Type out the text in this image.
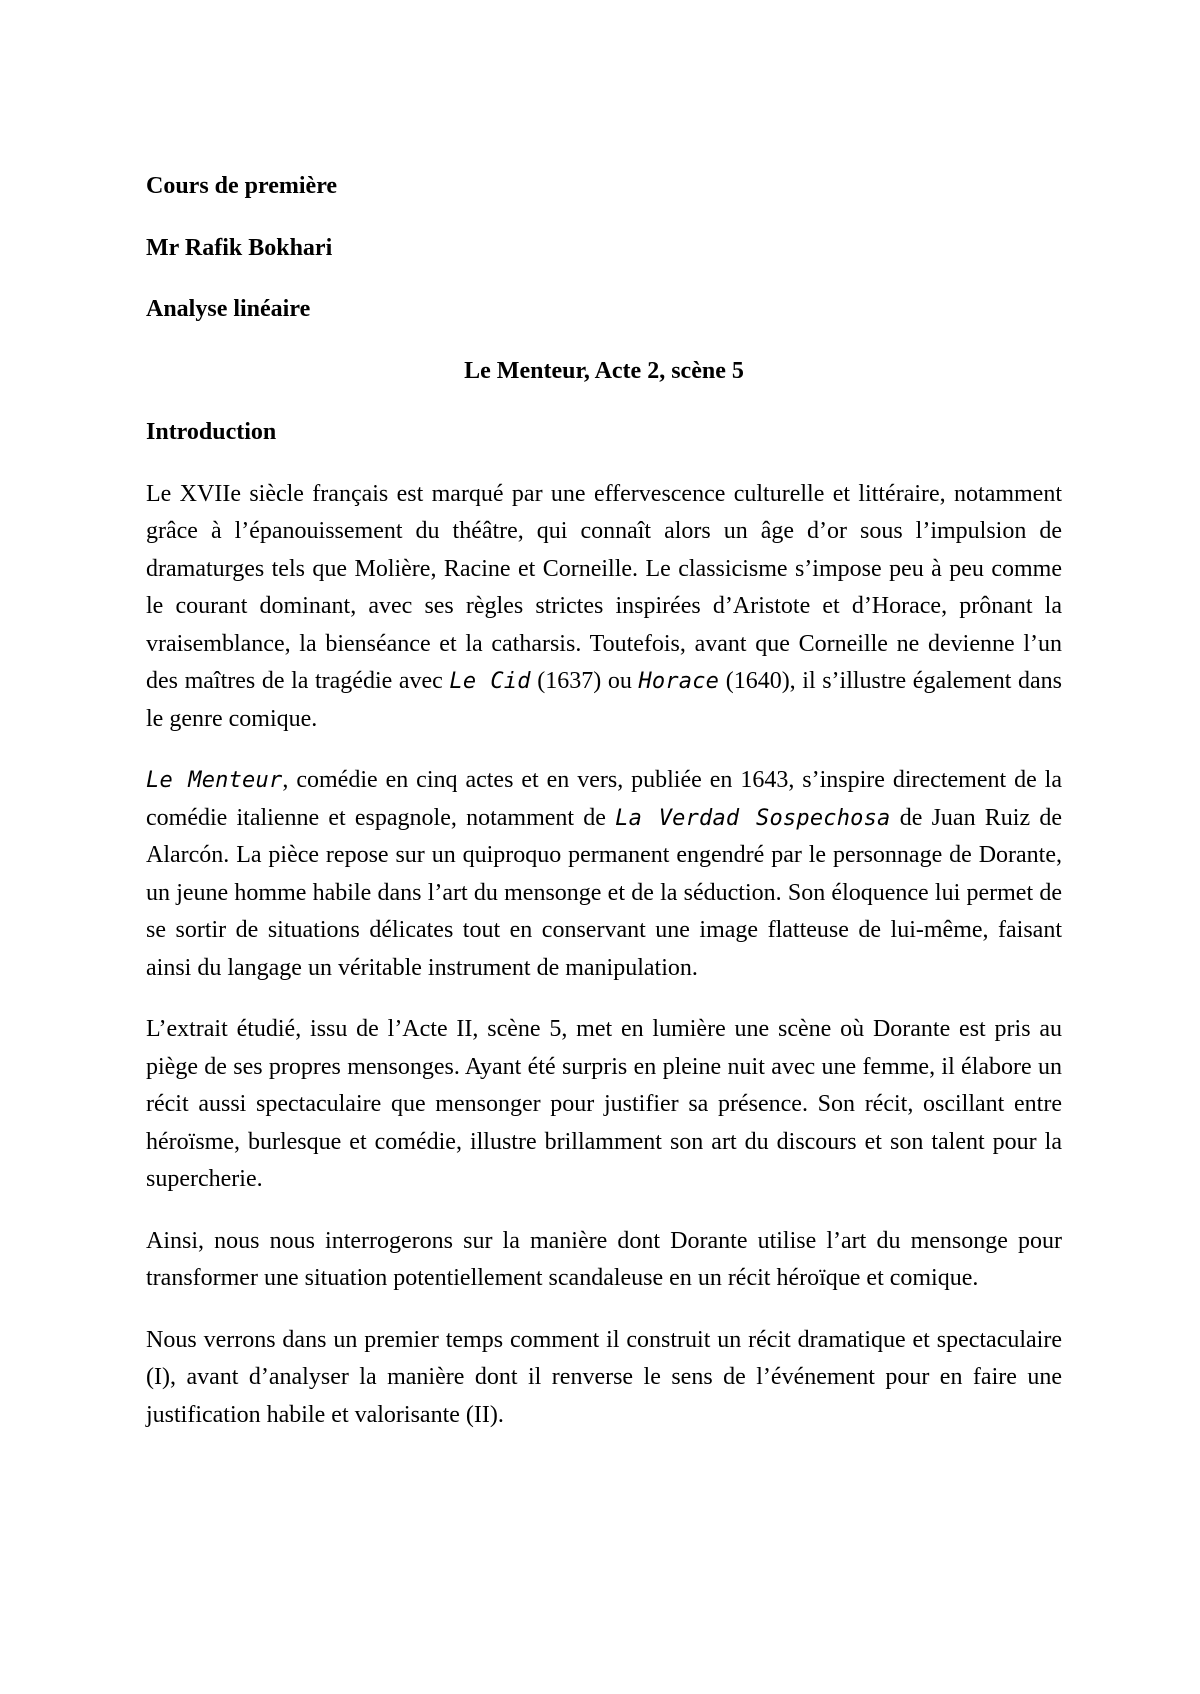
Cours de première
Mr Rafik Bokhari
Analyse linéaire
Le Menteur, Acte 2, scène 5
Introduction

Le XVIIe siècle français est marqué par une effervescence culturelle et littéraire, notamment grâce à l’épanouissement du théâtre, qui connaît alors un âge d’or sous l’impulsion de dramaturges tels que Molière, Racine et Corneille. Le classicisme s’impose peu à peu comme le courant dominant, avec ses règles strictes inspirées d’Aristote et d’Horace, prônant la vraisemblance, la bienséance et la catharsis. Toutefois, avant que Corneille ne devienne l’un des maîtres de la tragédie avec Le Cid (1637) ou Horace (1640), il s’illustre également dans le genre comique.

Le Menteur, comédie en cinq actes et en vers, publiée en 1643, s’inspire directement de la comédie italienne et espagnole, notamment de La Verdad Sospechosa de Juan Ruiz de Alarcón. La pièce repose sur un quiproquo permanent engendré par le personnage de Dorante, un jeune homme habile dans l’art du mensonge et de la séduction. Son éloquence lui permet de se sortir de situations délicates tout en conservant une image flatteuse de lui-même, faisant ainsi du langage un véritable instrument de manipulation.

L’extrait étudié, issu de l’Acte II, scène 5, met en lumière une scène où Dorante est pris au piège de ses propres mensonges. Ayant été surpris en pleine nuit avec une femme, il élabore un récit aussi spectaculaire que mensonger pour justifier sa présence. Son récit, oscillant entre héroïsme, burlesque et comédie, illustre brillamment son art du discours et son talent pour la supercherie.

Ainsi, nous nous interrogerons sur la manière dont Dorante utilise l’art du mensonge pour transformer une situation potentiellement scandaleuse en un récit héroïque et comique.

Nous verrons dans un premier temps comment il construit un récit dramatique et spectaculaire (I), avant d’analyser la manière dont il renverse le sens de l’événement pour en faire une justification habile et valorisante (II).
